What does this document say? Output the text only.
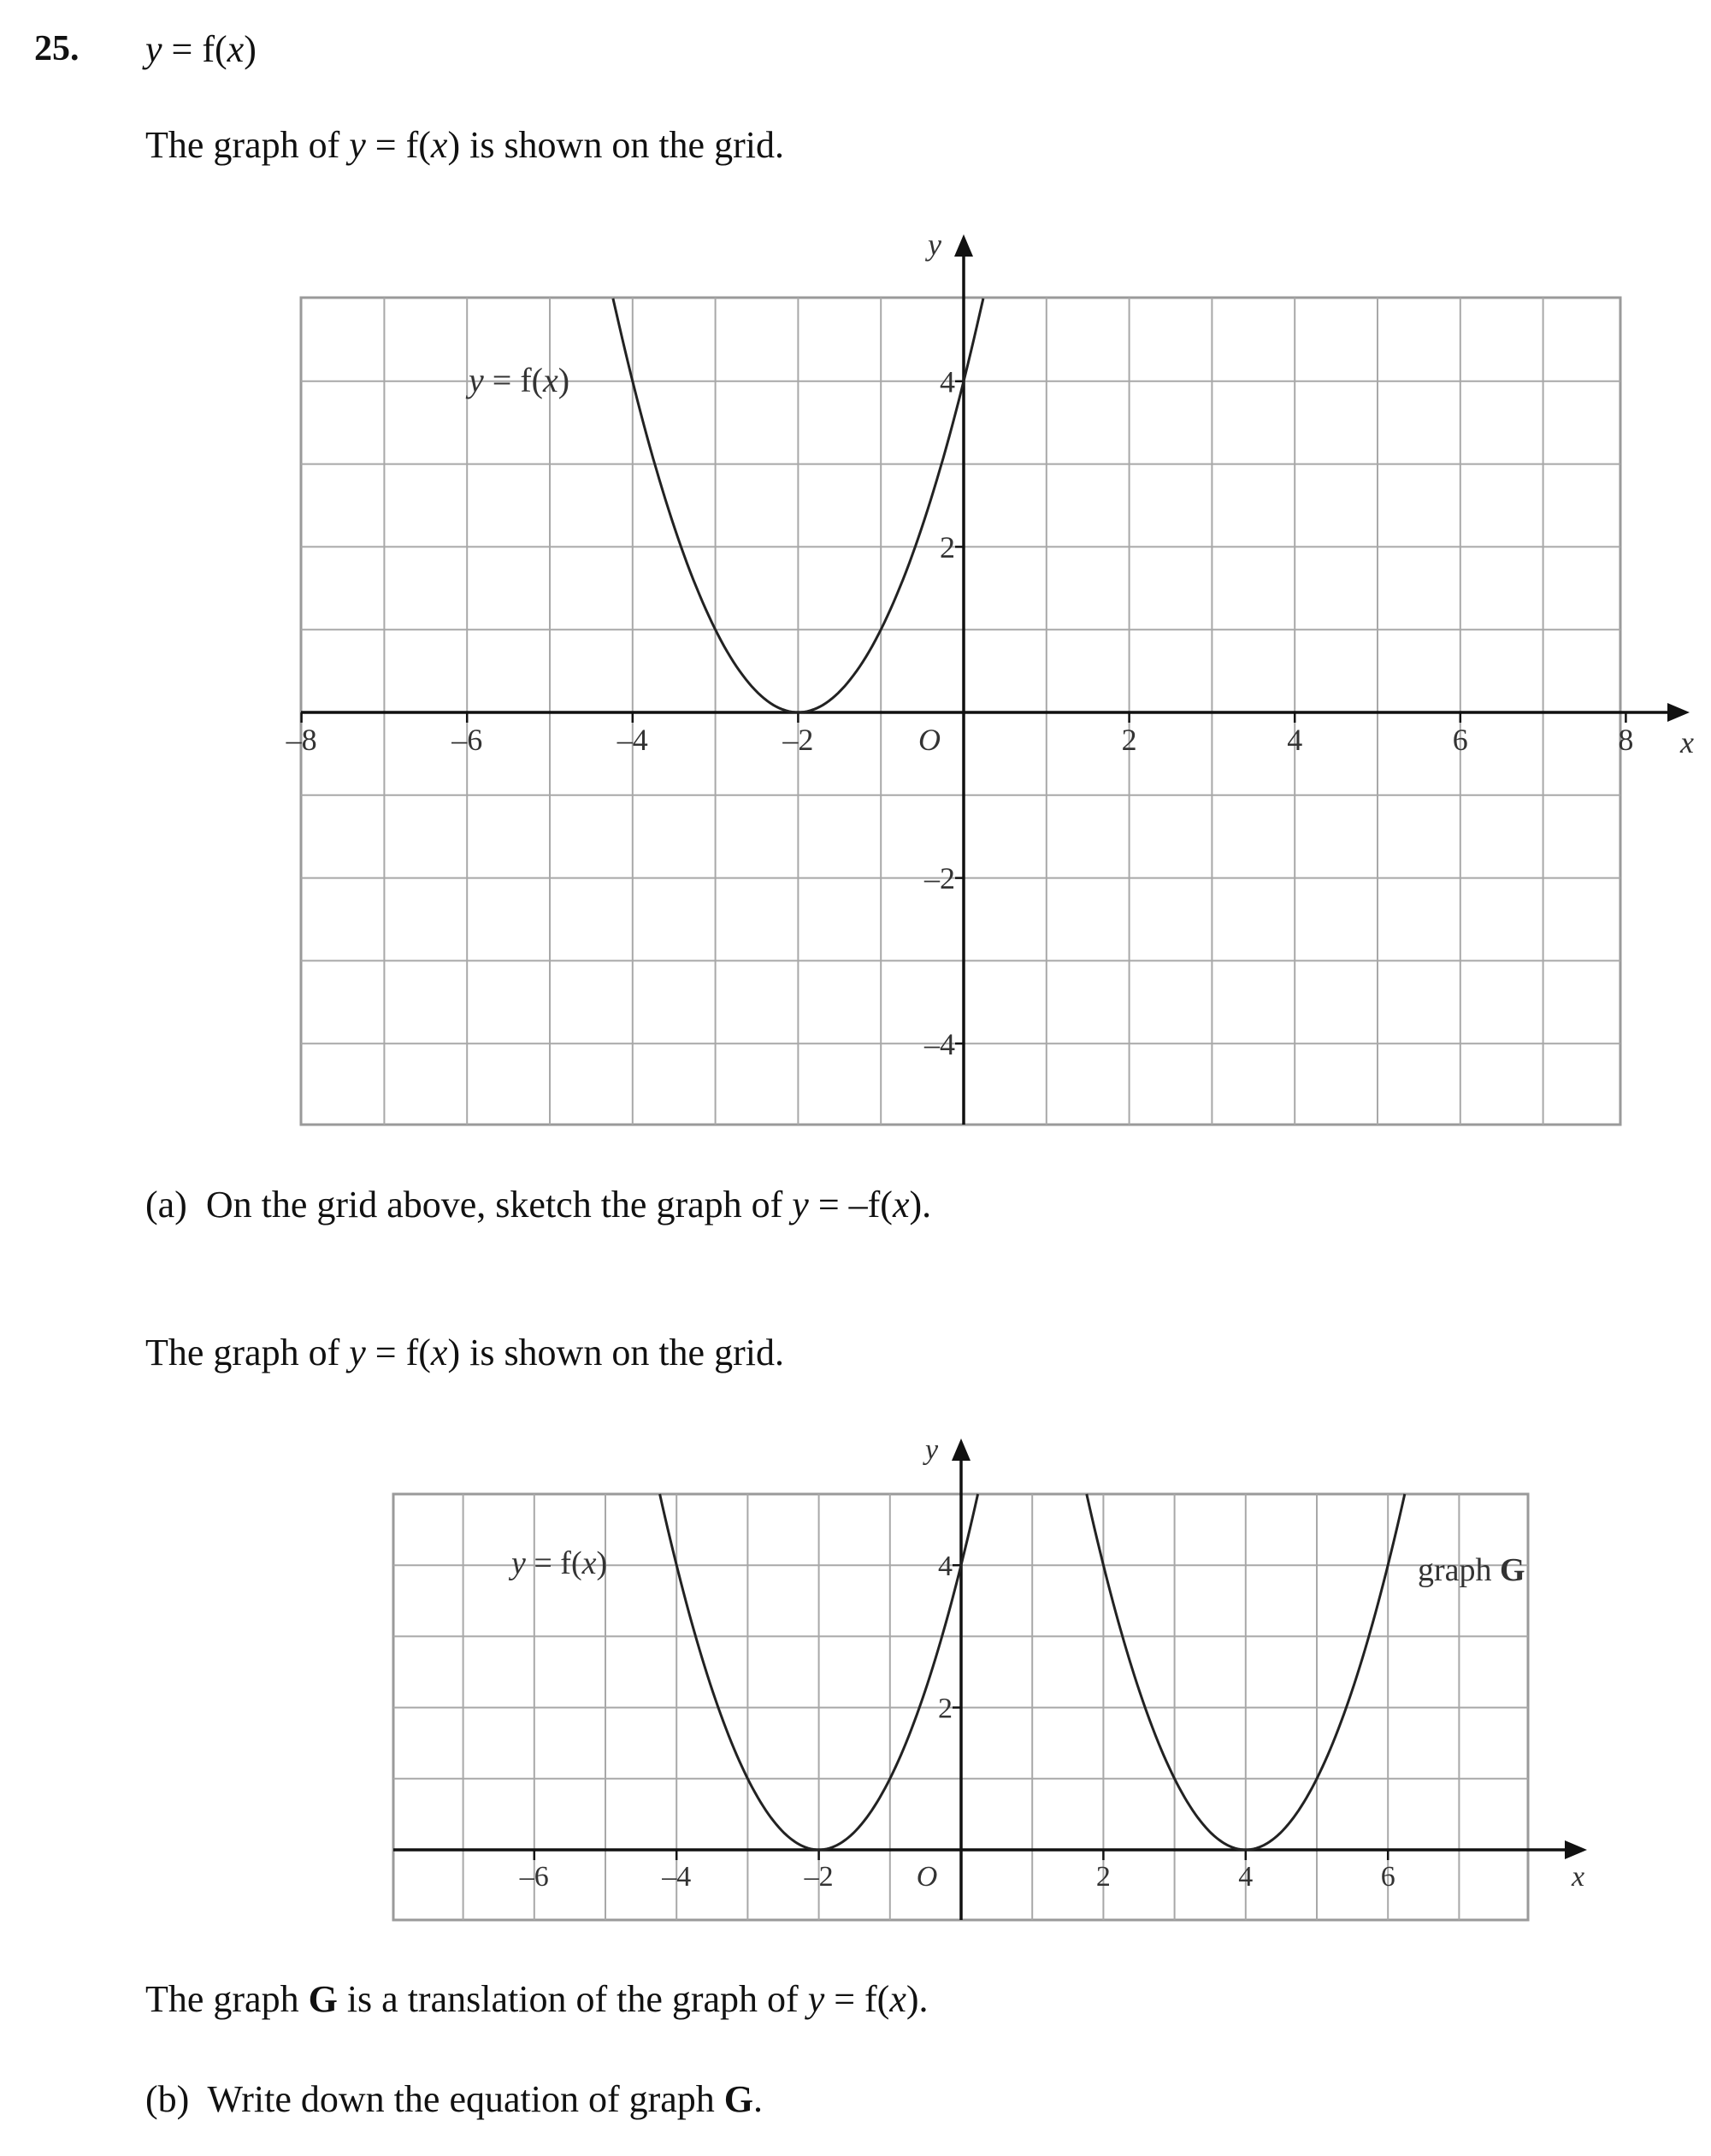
25. y = f(x)
The graph of y = f(x) is shown on the grid.
x
y
–8	–6	–4	–2	O	2	4	6	8
4
2
–2
–4
y = f(x)
(a)  On the grid above, sketch the graph of y = –f(x).
The graph of y = f(x) is shown on the grid.
x
y
–6	–4	–2	O	2	4	6
4
2
y = f(x)	graph G
The graph G is a translation of the graph of y = f(x).
(b)  Write down the equation of graph G.
